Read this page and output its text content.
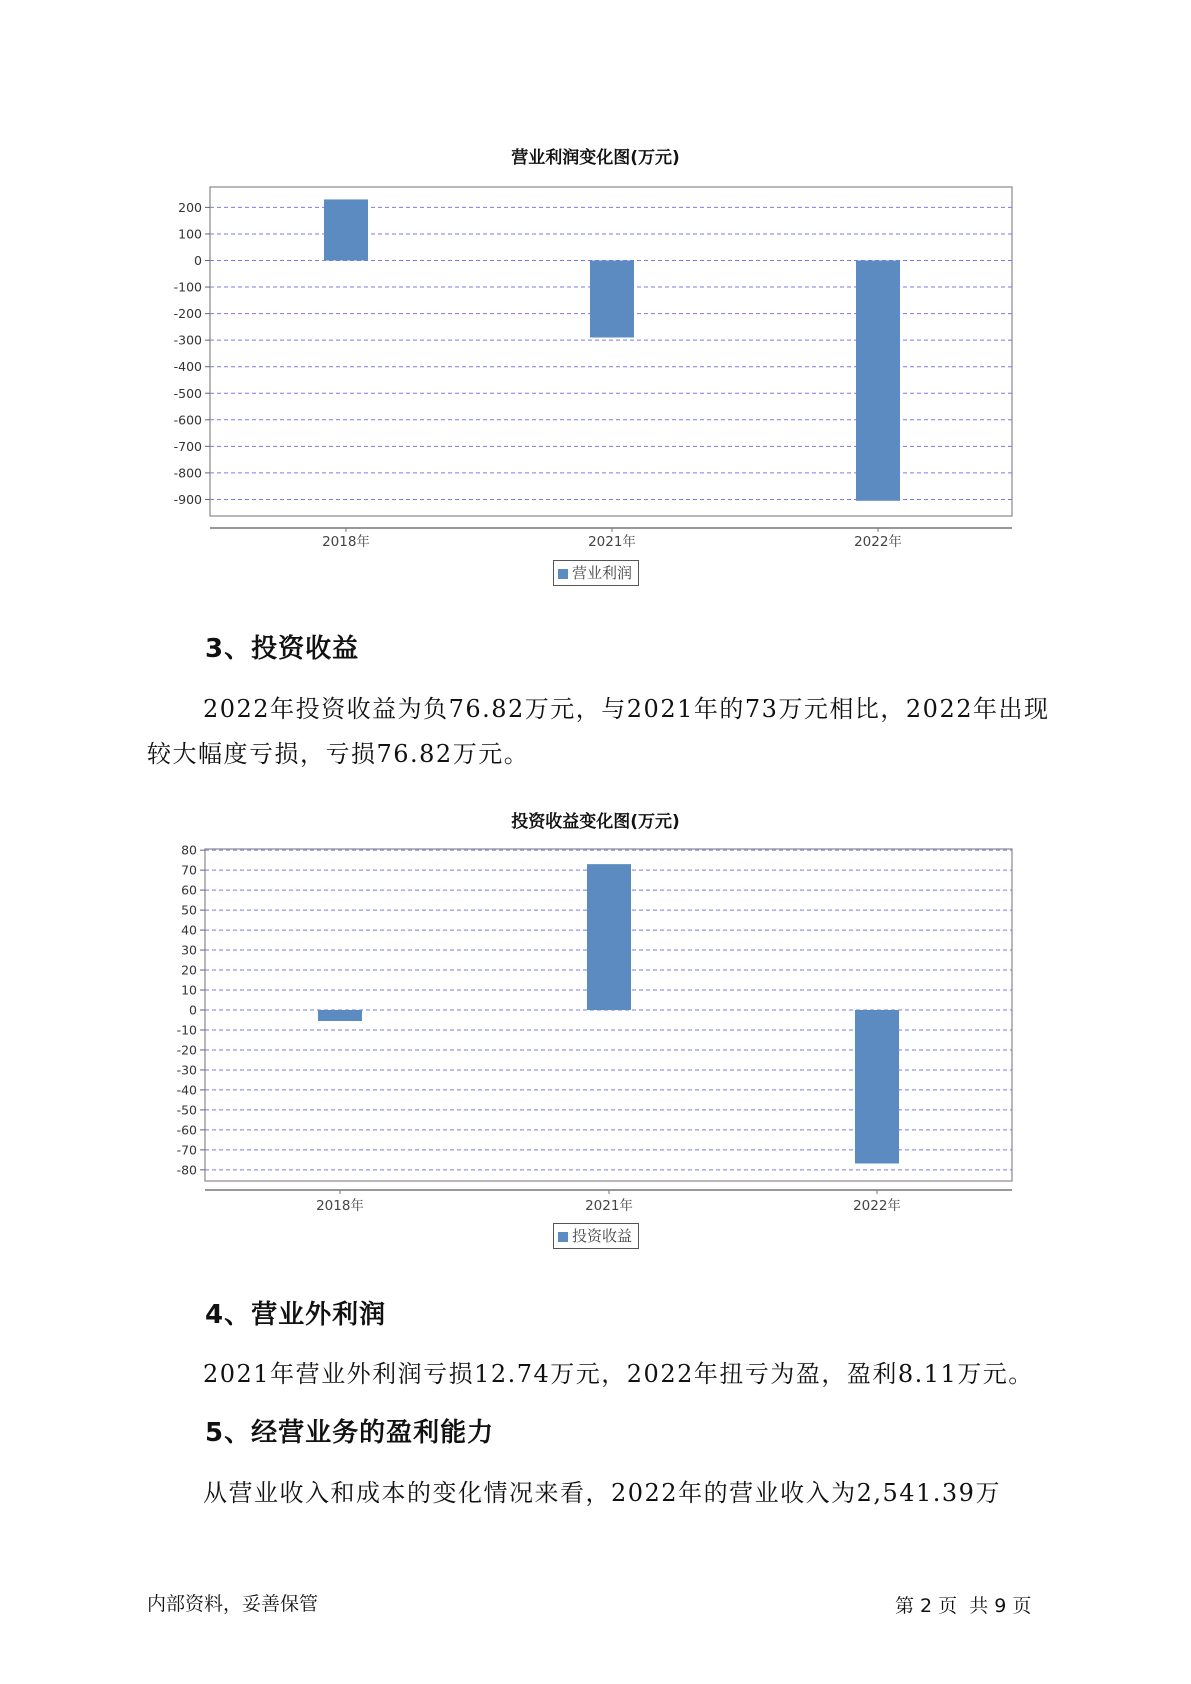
营业利润变化图(万元)
200
100
0
-100
-200
-300
-400
-500
-600
-700
-800
-900
2018年	2021年	2022年
营业利润
3、投资收益
2022年投资收益为负76.82万元，与2021年的73万元相比，2022年出现
较大幅度亏损，亏损76.82万元。
投资收益变化图(万元)
80
70
60
50
40
30
20
10
0
-10
-20
-30
-40
-50
-60
-70
-80
2018年	2021年	2022年
投资收益
4、营业外利润
2021年营业外利润亏损12.74万元，2022年扭亏为盈，盈利8.11万元。
5、经营业务的盈利能力
从营业收入和成本的变化情况来看，2022年的营业收入为2,541.39万
内部资料，妥善保管	第 2 页  共 9 页
